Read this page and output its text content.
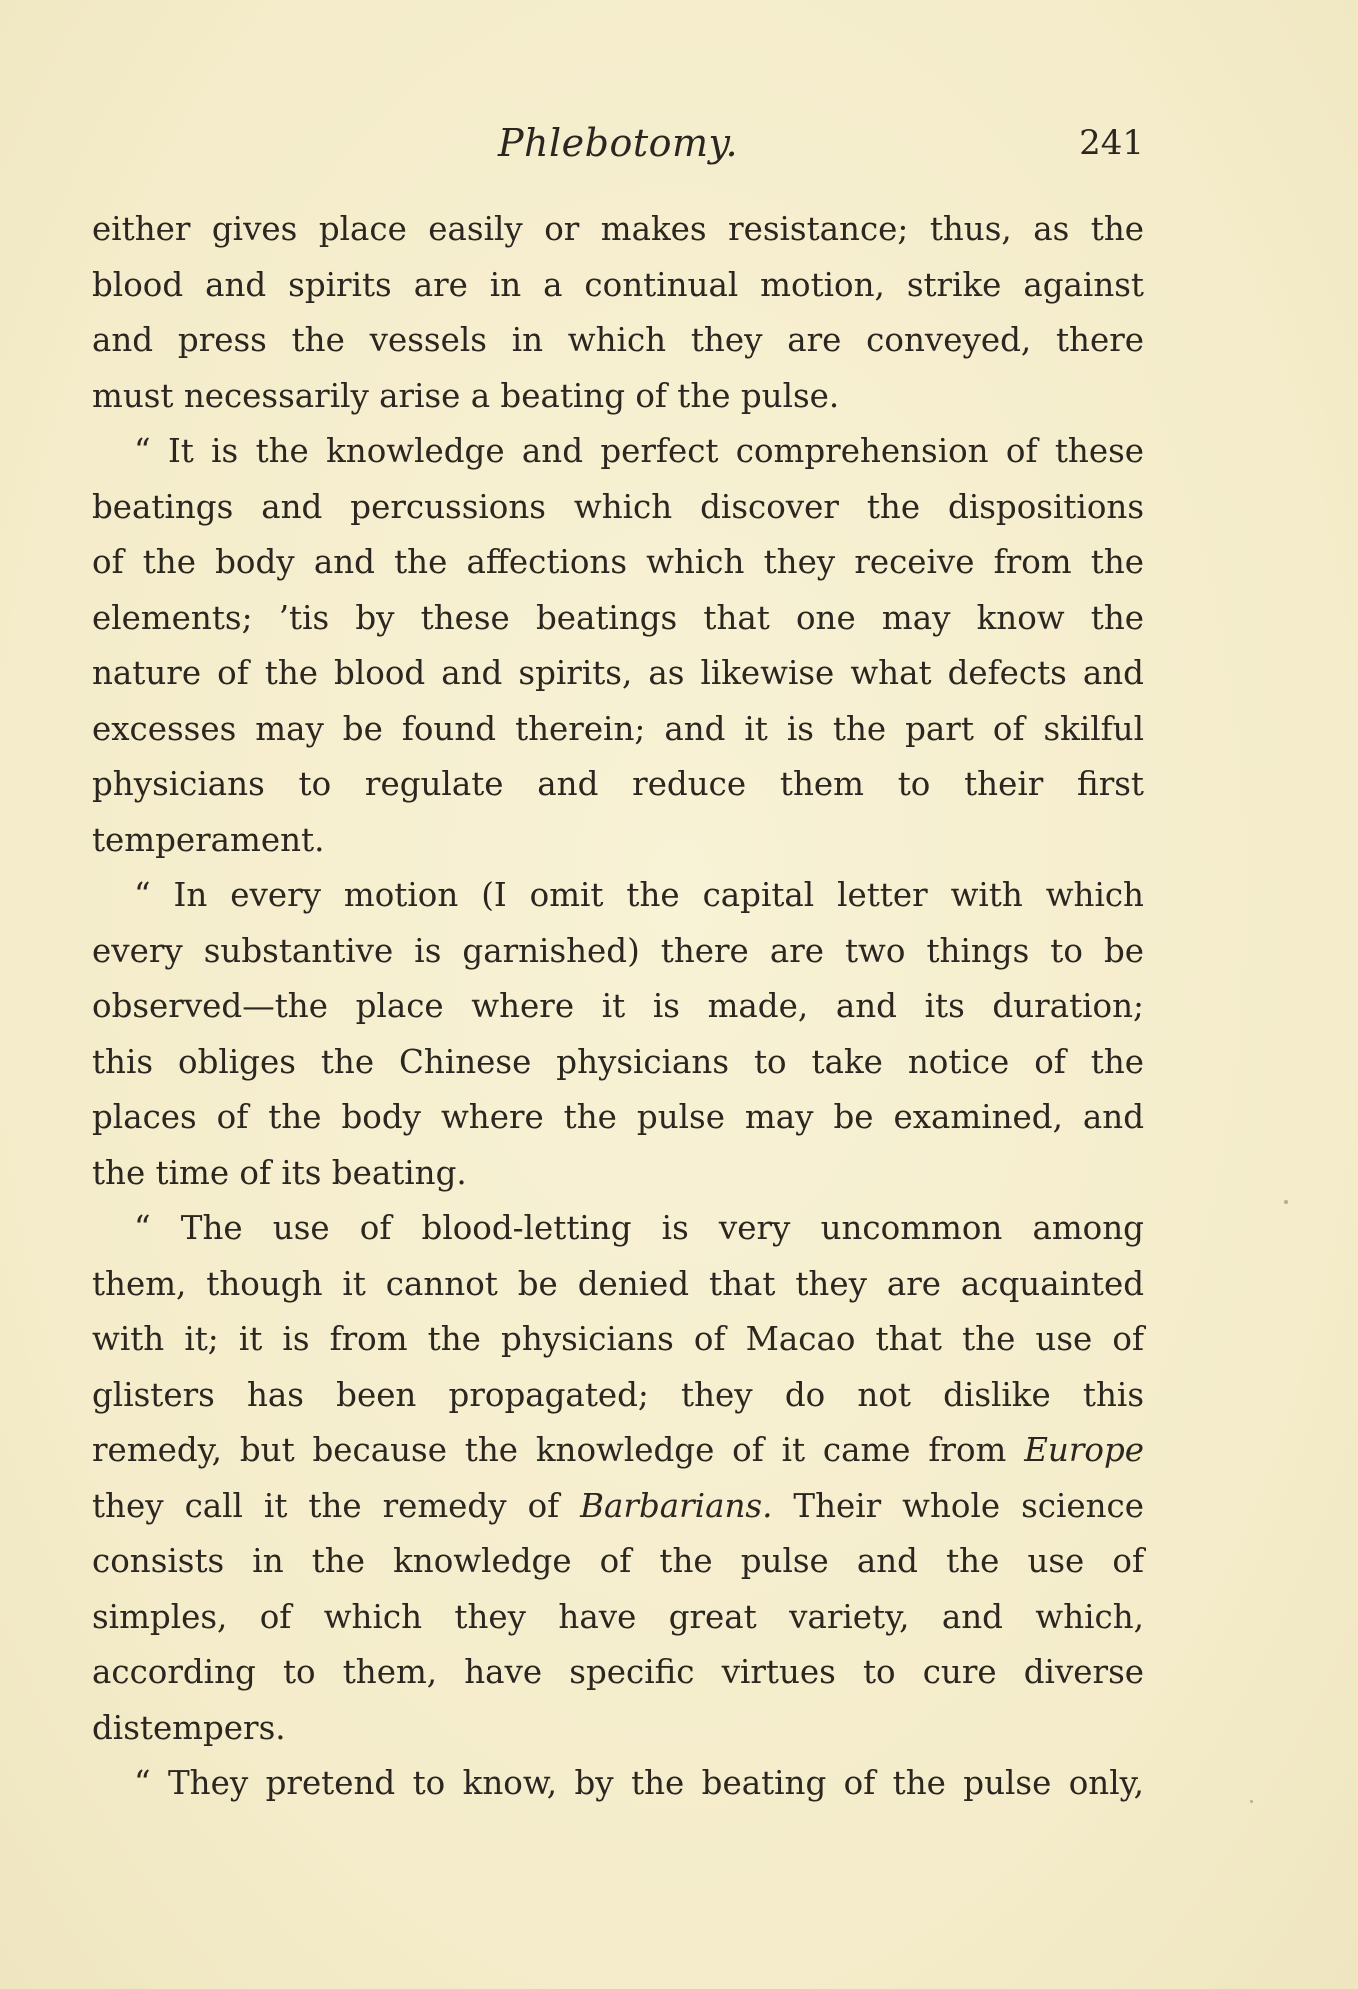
Phlebotomy.	241
either gives place easily or makes resistance; thus, as the
blood and spirits are in a continual motion, strike against
and press the vessels in which they are conveyed, there
must necessarily arise a beating of the pulse.
“ It is the knowledge and perfect comprehension of these
beatings and percussions which discover the dispositions
of the body and the affections which they receive from the
elements; ’tis by these beatings that one may know the
nature of the blood and spirits, as likewise what defects and
excesses may be found therein; and it is the part of skilful
physicians to regulate and reduce them to their first
temperament.
“ In every motion (I omit the capital letter with which
every substantive is garnished) there are two things to be
observed—the place where it is made, and its duration;
this obliges the Chinese physicians to take notice of the
places of the body where the pulse may be examined, and
the time of its beating.
“ The use of blood-letting is very uncommon among
them, though it cannot be denied that they are acquainted
with it; it is from the physicians of Macao that the use of
glisters has been propagated; they do not dislike this
remedy, but because the knowledge of it came from Europe
they call it the remedy of Barbarians. Their whole science
consists in the knowledge of the pulse and the use of
simples, of which they have great variety, and which,
according to them, have specific virtues to cure diverse
distempers.
“ They pretend to know, by the beating of the pulse only,
